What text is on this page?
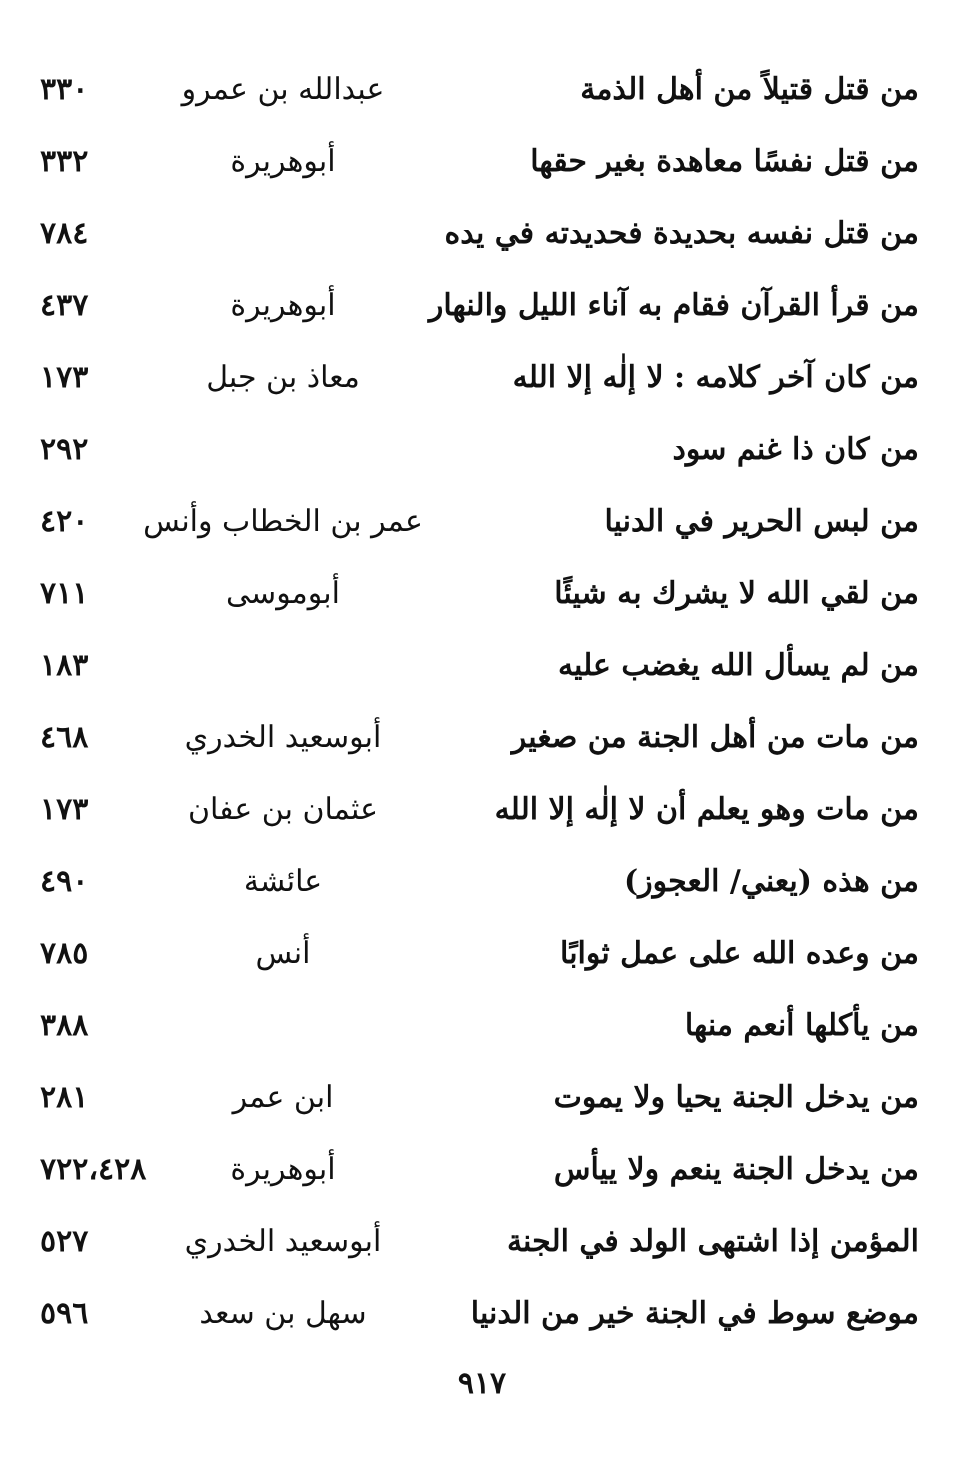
من قتل قتيلاً من أهل الذمة
عبدالله بن عمرو
٣٣٠
من قتل نفسًا معاهدة بغير حقها
أبوهريرة
٣٣٢
من قتل نفسه بحديدة فحديدته في يده
٧٨٤
من قرأ القرآن فقام به آناء الليل والنهار
أبوهريرة
٤٣٧
من كان آخر كلامه : لا إلٰه إلا الله
معاذ بن جبل
١٧٣
من كان ذا غنم سود
٢٩٢
من لبس الحرير في الدنيا
عمر بن الخطاب وأنس
٤٢٠
من لقي الله لا يشرك به شيئًا
أبوموسى
٧١١
من لم يسأل الله يغضب عليه
١٨٣
من مات من أهل الجنة من صغير
أبوسعيد الخدري
٤٦٨
من مات وهو يعلم أن لا إلٰه إلا الله
عثمان بن عفان
١٧٣
من هذه (يعني/ العجوز)
عائشة
٤٩٠
من وعده الله على عمل ثوابًا
أنس
٧٨٥
من يأكلها أنعم منها
٣٨٨
من يدخل الجنة يحيا ولا يموت
ابن عمر
٢٨١
من يدخل الجنة ينعم ولا ييأس
أبوهريرة
٧٢٢،٤٢٨
المؤمن إذا اشتهى الولد في الجنة
أبوسعيد الخدري
٥٢٧
موضع سوط في الجنة خير من الدنيا
سهل بن سعد
٥٩٦
٩١٧
